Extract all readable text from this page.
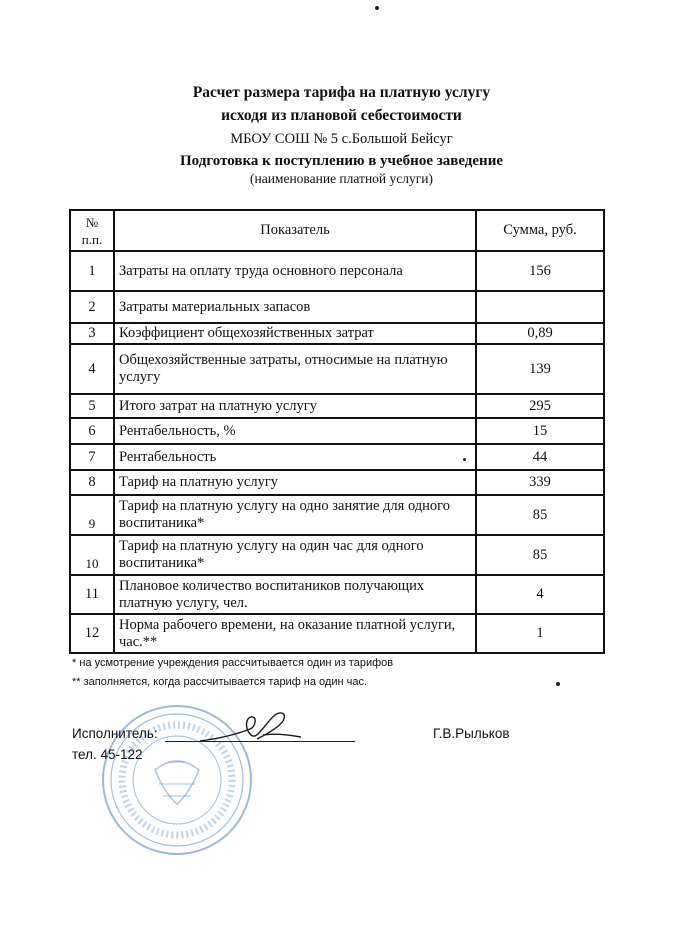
Расчет размера тарифа на платную услугу
исходя из плановой себестоимости
МБОУ СОШ № 5 с.Большой Бейсуг
Подготовка к поступлению в учебное заведение
(наименование платной услуги)
№ п.п.	Показатель	Сумма, руб.
1	Затраты на оплату труда основного персонала	156
2	Затраты материальных запасов	
3	Коэффициент общехозяйственных затрат	0,89
4	Общехозяйственные затраты, относимые на платную услугу	139
5	Итого затрат на платную услугу	295
6	Рентабельность, %	15
7	Рентабельность	44
8	Тариф на платную услугу	339
9	Тариф на платную услугу на одно занятие для одного воспитаника*	85
10	Тариф на платную услугу на один час для одного воспитаника*	85
11	Плановое количество воспитаников получающих платную услугу, чел.	4
12	Норма рабочего времени, на оказание платной услуги, час.**	1
* на усмотрение учреждения рассчитывается один из тарифов
** заполняется, когда рассчитывается тариф на один час.
Исполнитель:	Г.В.Рыльков
тел. 45-122
